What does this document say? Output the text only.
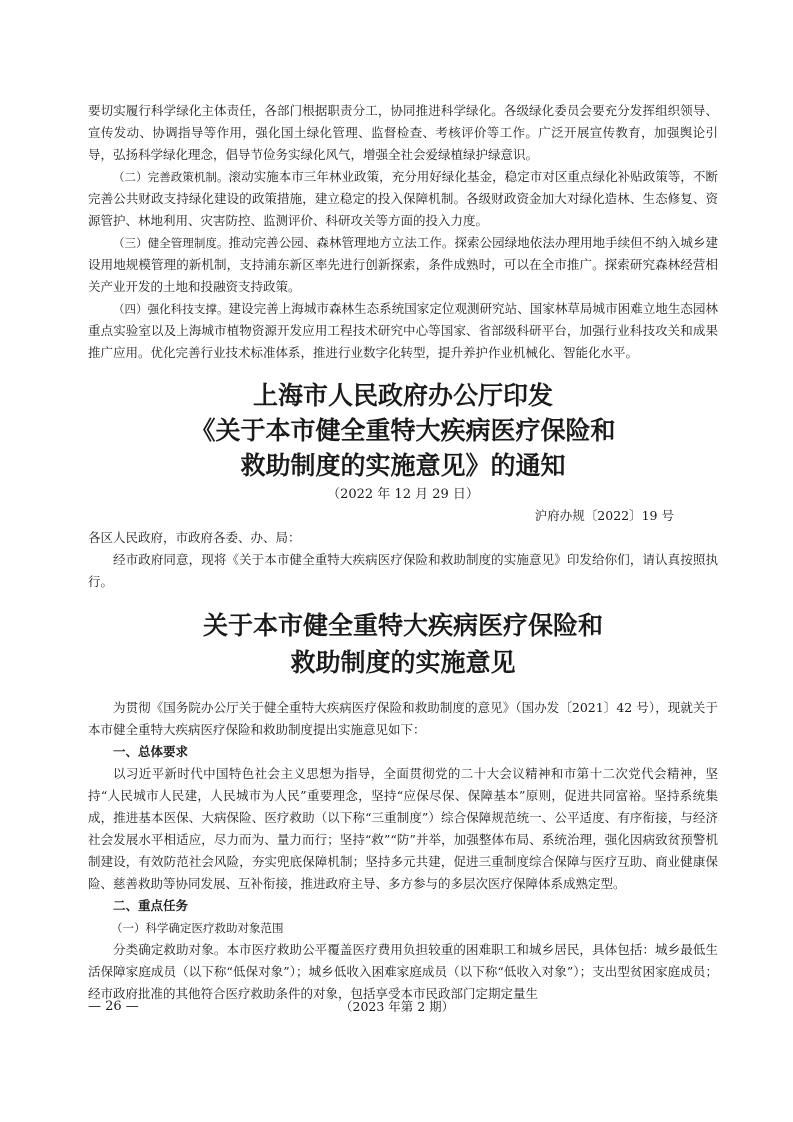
要切实履行科学绿化主体责任，各部门根据职责分工，协同推进科学绿化。各级绿化委员会要充分发挥组织领导、宣传发动、协调指导等作用，强化国土绿化管理、监督检查、考核评价等工作。广泛开展宣传教育，加强舆论引导，弘扬科学绿化理念，倡导节俭务实绿化风气，增强全社会爱绿植绿护绿意识。

（二）完善政策机制。滚动实施本市三年林业政策，充分用好绿化基金，稳定市对区重点绿化补贴政策等，不断完善公共财政支持绿化建设的政策措施，建立稳定的投入保障机制。各级财政资金加大对绿化造林、生态修复、资源管护、林地利用、灾害防控、监测评价、科研攻关等方面的投入力度。

（三）健全管理制度。推动完善公园、森林管理地方立法工作。探索公园绿地依法办理用地手续但不纳入城乡建设用地规模管理的新机制，支持浦东新区率先进行创新探索，条件成熟时，可以在全市推广。探索研究森林经营相关产业开发的土地和投融资支持政策。

（四）强化科技支撑。建设完善上海城市森林生态系统国家定位观测研究站、国家林草局城市困难立地生态园林重点实验室以及上海城市植物资源开发应用工程技术研究中心等国家、省部级科研平台，加强行业科技攻关和成果推广应用。优化完善行业技术标准体系，推进行业数字化转型，提升养护作业机械化、智能化水平。

上海市人民政府办公厅印发
《关于本市健全重特大疾病医疗保险和
救助制度的实施意见》的通知
（2022 年 12 月 29 日）
沪府办规〔2022〕19 号

各区人民政府，市政府各委、办、局：

经市政府同意，现将《关于本市健全重特大疾病医疗保险和救助制度的实施意见》印发给你们，请认真按照执行。

关于本市健全重特大疾病医疗保险和
救助制度的实施意见

为贯彻《国务院办公厅关于健全重特大疾病医疗保险和救助制度的意见》（国办发〔2021〕42 号），现就关于本市健全重特大疾病医疗保险和救助制度提出实施意见如下：

一、总体要求

以习近平新时代中国特色社会主义思想为指导，全面贯彻党的二十大会议精神和市第十二次党代会精神，坚持“人民城市人民建，人民城市为人民”重要理念，坚持“应保尽保、保障基本”原则，促进共同富裕。坚持系统集成，推进基本医保、大病保险、医疗救助（以下称“三重制度”）综合保障规范统一、公平适度、有序衔接，与经济社会发展水平相适应，尽力而为、量力而行；坚持“救”“防”并举，加强整体布局、系统治理，强化因病致贫预警机制建设，有效防范社会风险，夯实兜底保障机制；坚持多元共建，促进三重制度综合保障与医疗互助、商业健康保险、慈善救助等协同发展、互补衔接，推进政府主导、多方参与的多层次医疗保障体系成熟定型。

二、重点任务

（一）科学确定医疗救助对象范围

分类确定救助对象。本市医疗救助公平覆盖医疗费用负担较重的困难职工和城乡居民，具体包括：城乡最低生活保障家庭成员（以下称“低保对象”）；城乡低收入困难家庭成员（以下称“低收入对象”）；支出型贫困家庭成员；经市政府批准的其他符合医疗救助条件的对象，包括享受本市民政部门定期定量生

— 26 —	（2023 年第 2 期）
